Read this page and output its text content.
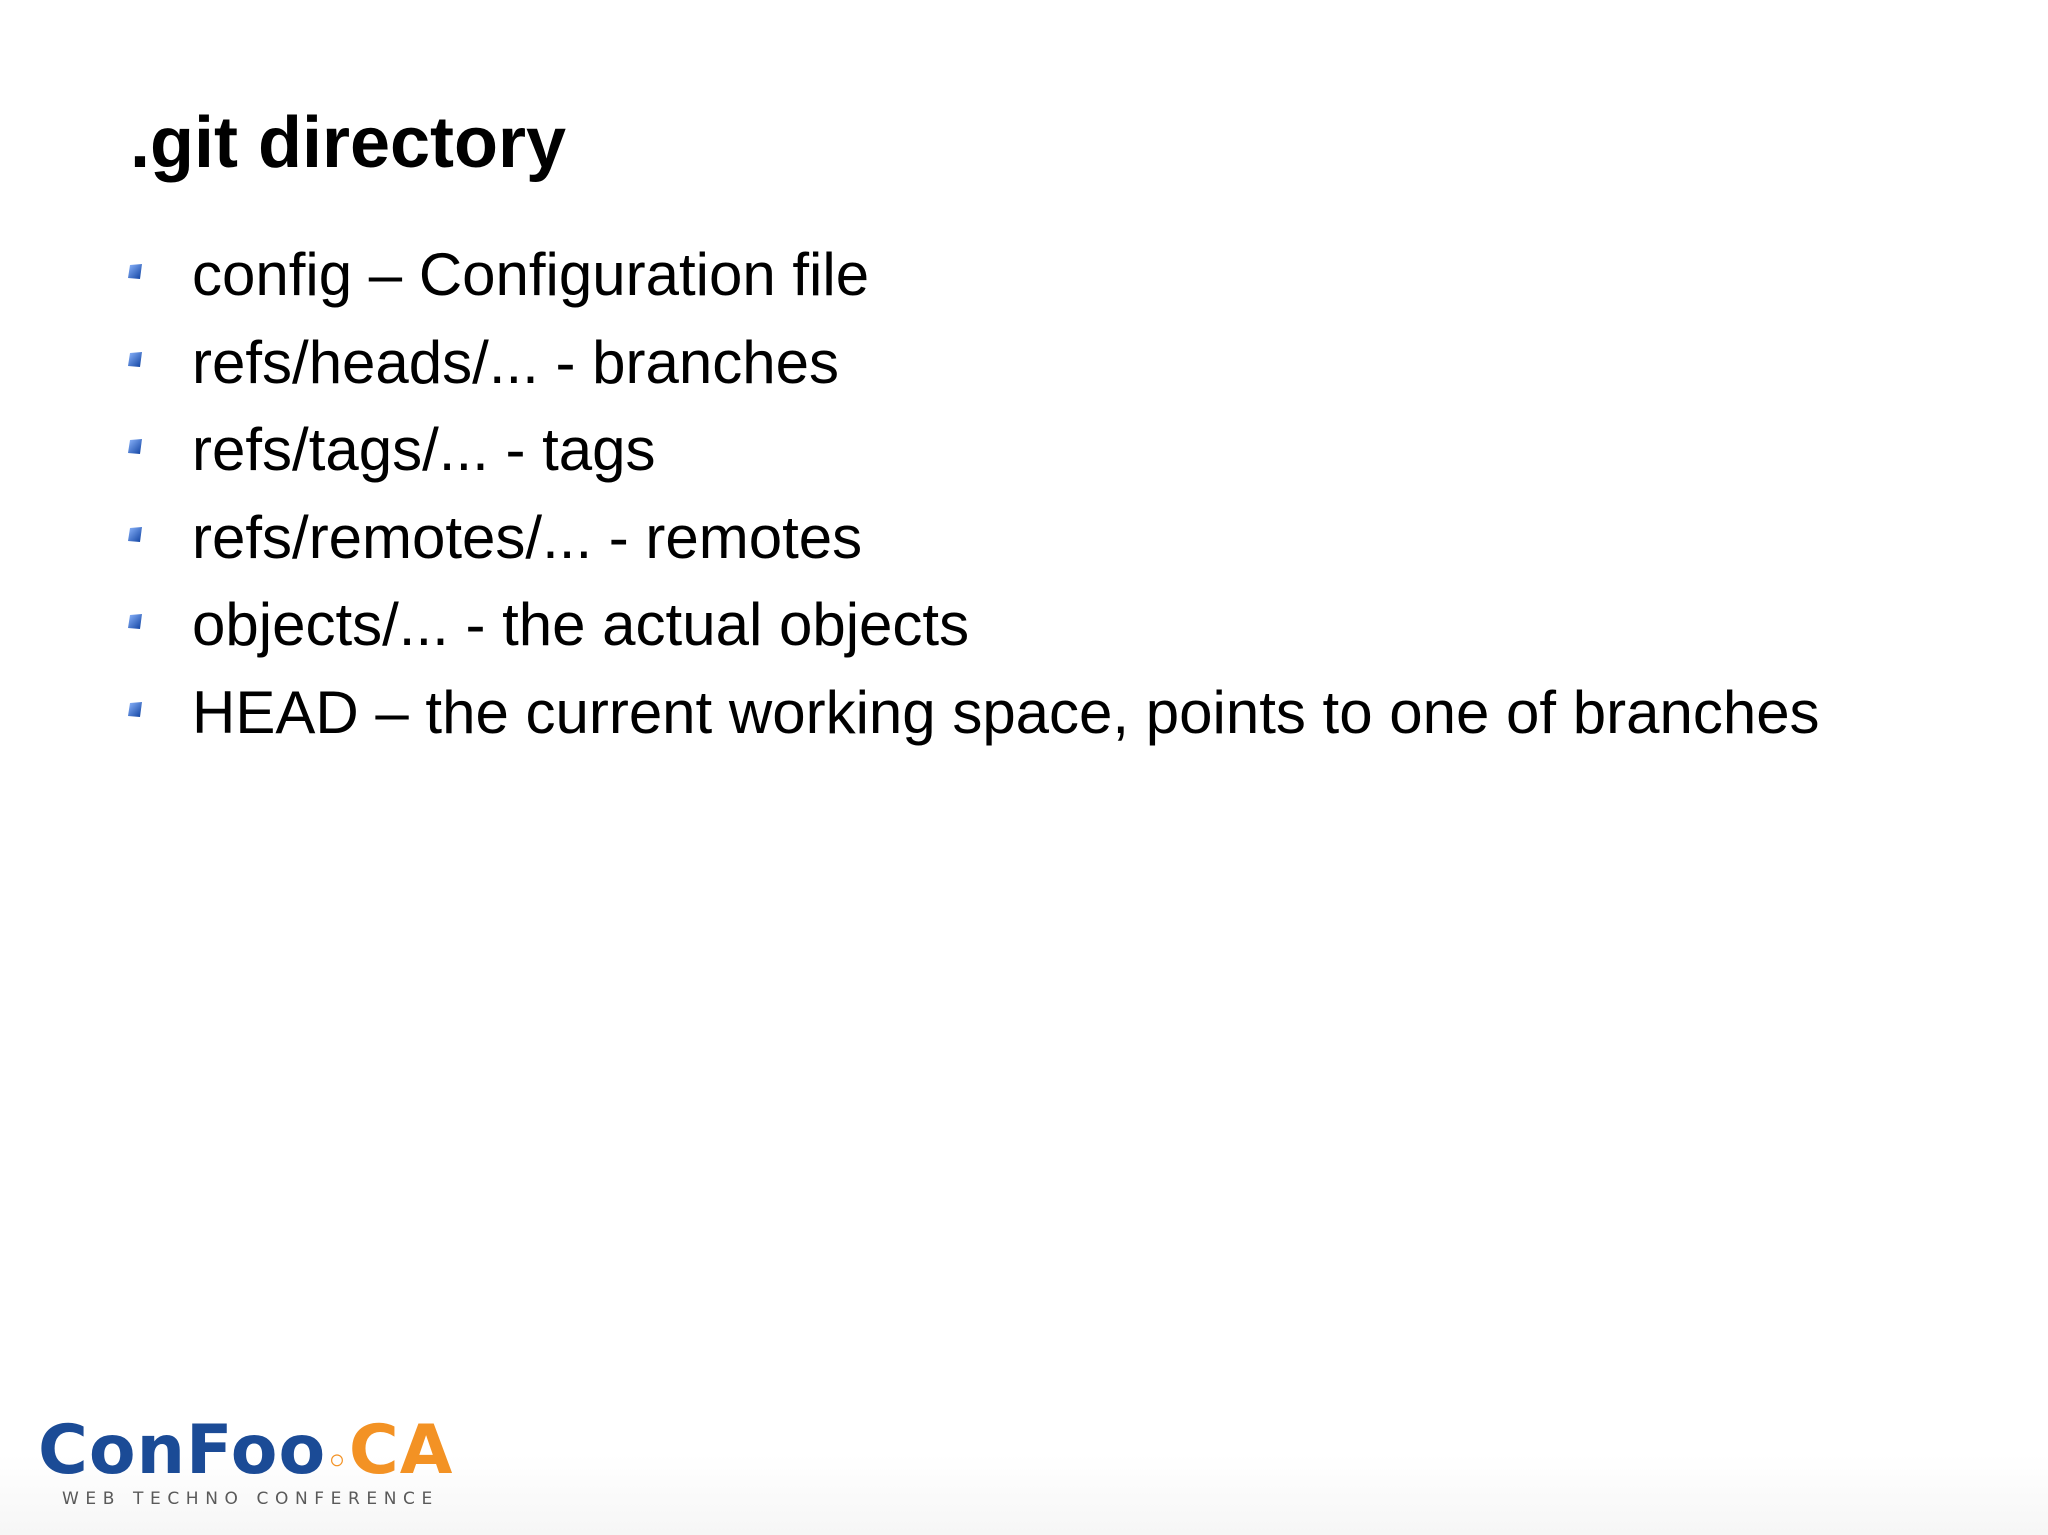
.git directory
config – Configuration file
refs/heads/... - branches
refs/tags/... - tags
refs/remotes/... - remotes
objects/... - the actual objects
HEAD – the current working space, points to one of branches
ConFoo◦CA
WEB TECHNO CONFERENCE
